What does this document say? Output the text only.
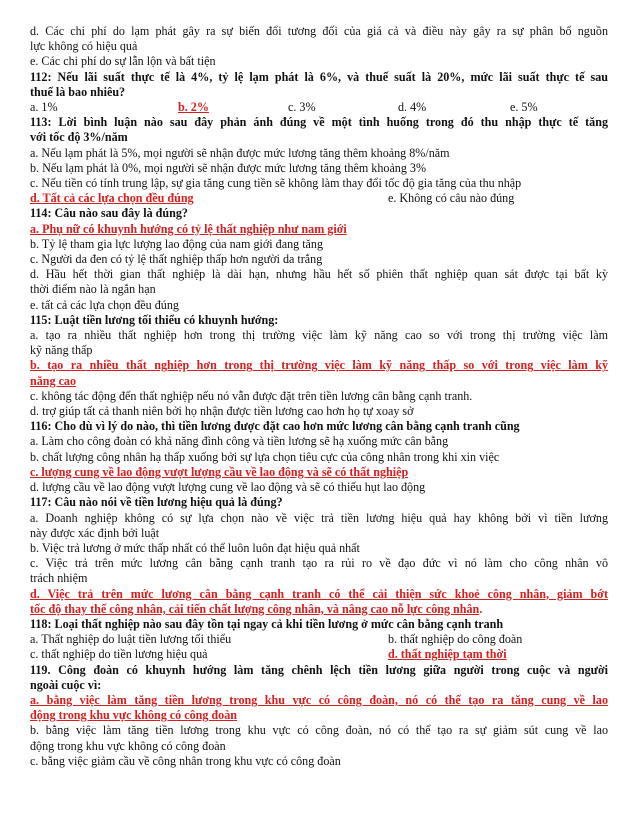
d. Các chi phí do lạm phát gây ra sự biến đổi tương đối của giá cả và điều này gây ra sự phân bổ nguồn
lực không có hiệu quả
e. Các chi phí do sự lẫn lộn và bất tiện
112: Nếu lãi suất thực tế là 4%, tỷ lệ lạm phát là 6%, và thuế suất là 20%, mức lãi suất thực tế sau
thuế là bao nhiêu?
a. 1%	b. 2%	c. 3%	d. 4%	e. 5%
113: Lời bình luận nào sau đây phản ánh đúng về một tình huống trong đó thu nhập thực tế tăng
với tốc độ 3%/năm
a. Nếu lạm phát là 5%, mọi người sẽ nhận được mức lương tăng thêm khoảng 8%/năm
b. Nếu lạm phát là 0%, mọi người sẽ nhận được mức lương tăng thêm khoảng 3%
c. Nếu tiền có tính trung lập, sự gia tăng cung tiền sẽ không làm thay đổi tốc độ gia tăng của thu nhập
d. Tất cả các lựa chọn đều đúng	e. Không có câu nào đúng
114: Câu nào sau đây là đúng?
a. Phụ nữ có khuynh hướng có tỷ lệ thất nghiệp như nam giới
b. Tỷ lệ tham gia lực lượng lao động của nam giới đang tăng
c. Người da đen có tỷ lệ thất nghiệp thấp hơn người da trắng
d. Hầu hết thời gian thất nghiệp là dài hạn, nhưng hầu hết số phiên thất nghiệp quan sát được tại bất kỳ
thời điểm nào là ngắn hạn
e. tất cả các lựa chọn đều đúng
115: Luật tiền lương tối thiểu có khuynh hướng:
a. tạo ra nhiều thất nghiệp hơn trong thị trường việc làm kỹ năng cao so với trong thị trường việc làm
kỹ năng thấp
b. tạo ra nhiều thất nghiệp hơn trong thị trường việc làm kỹ năng thấp so với trong việc làm kỹ
năng cao
c. không tác động đến thất nghiệp nếu nó vẫn được đặt trên tiền lương cân bằng cạnh tranh.
d. trợ giúp tất cả thanh niên bởi họ nhận được tiền lương cao hơn họ tự xoay sở
116: Cho dù vì lý do nào, thì tiền lương được đặt cao hơn mức lương cân bằng cạnh tranh cũng
a. Làm cho công đoàn có khả năng đình công và tiền lương sẽ hạ xuống mức cân bằng
b. chất lượng công nhân hạ thấp xuống bởi sự lựa chọn tiêu cực của công nhân trong khi xin việc
c. lượng cung về lao động vượt lượng cầu về lao động và sẽ có thất nghiệp
d. lượng cầu về lao động vượt lượng cung về lao động và sẽ có thiếu hụt lao động
117: Câu nào nói về tiền lương hiệu quả là đúng?
a. Doanh nghiệp không có sự lựa chọn nào về việc trả tiền lương hiệu quả hay không bởi vì tiền lương
này được xác định bởi luật
b. Việc trả lương ở mức thấp nhất có thể luôn luôn đạt hiệu quả nhất
c. Việc trả trên mức lương cân bằng cạnh tranh tạo ra rủi ro về đạo đức vì nó làm cho công nhân vô
trách nhiệm
d. Việc trả trên mức lương cân bằng cạnh tranh có thể cải thiện sức khoẻ công nhân, giảm bớt
tốc độ thay thế công nhân, cải tiến chất lượng công nhân, và nâng cao nỗ lực công nhân.
118: Loại thất nghiệp nào sau đây tồn tại ngay cả khi tiền lương ở mức cân bằng cạnh tranh
a. Thất nghiệp do luật tiền lương tối thiểu	b. thất nghiệp do công đoàn
c. thất nghiệp do tiền lương hiệu quả	d. thất nghiệp tạm thời
119. Công đoàn có khuynh hướng làm tăng chênh lệch tiền lương giữa người trong cuộc và người
ngoài cuộc vì:
a. bằng việc làm tăng tiền lương trong khu vực có công đoàn, nó có thể tạo ra tăng cung về lao
động trong khu vực không có công đoàn
b. bằng việc làm tăng tiền lương trong khu vực có công đoàn, nó có thể tạo ra sự giảm sút cung về lao
động trong khu vực không có công đoàn
c. bằng việc giảm cầu về công nhân trong khu vực có công đoàn
